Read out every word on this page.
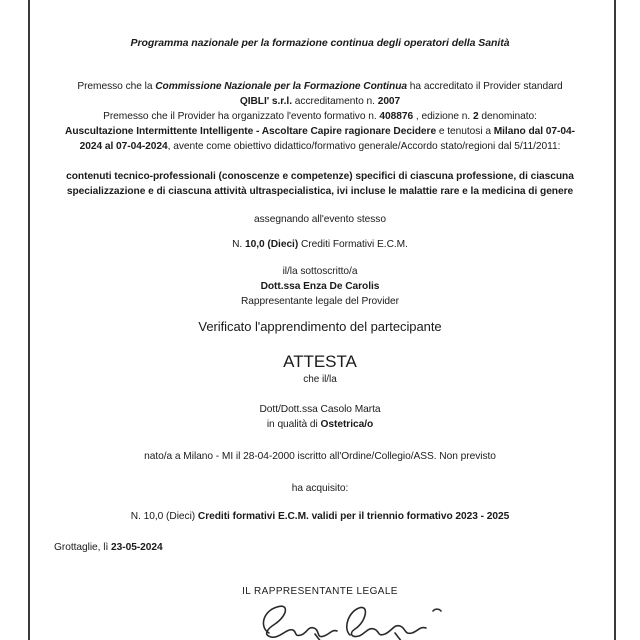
Programma nazionale per la formazione continua degli operatori della Sanità
Premesso che la Commissione Nazionale per la Formazione Continua ha accreditato il Provider standard
QIBLI' s.r.l. accreditamento n. 2007
Premesso che il Provider ha organizzato l'evento formativo n. 408876 , edizione n. 2 denominato:
Auscultazione Intermittente Intelligente - Ascoltare Capire ragionare Decidere e tenutosi a Milano dal 07-04-
2024 al 07-04-2024, avente come obiettivo didattico/formativo generale/Accordo stato/regioni dal 5/11/2011:
contenuti tecnico-professionali (conoscenze e competenze) specifici di ciascuna professione, di ciascuna
specializzazione e di ciascuna attività ultraspecialistica, ivi incluse le malattie rare e la medicina di genere
assegnando all'evento stesso
N. 10,0 (Dieci) Crediti Formativi E.C.M.
il/la sottoscritto/a
Dott.ssa Enza De Carolis
Rappresentante legale del Provider
Verificato l'apprendimento del partecipante
ATTESTA
che il/la
Dott/Dott.ssa Casolo Marta
in qualità di Ostetrica/o
nato/a a Milano - MI il 28-04-2000 iscritto all'Ordine/Collegio/ASS. Non previsto
ha acquisito:
N. 10,0 (Dieci) Crediti formativi E.C.M. validi per il triennio formativo 2023 - 2025
Grottaglie, lì 23-05-2024
IL RAPPRESENTANTE LEGALE
